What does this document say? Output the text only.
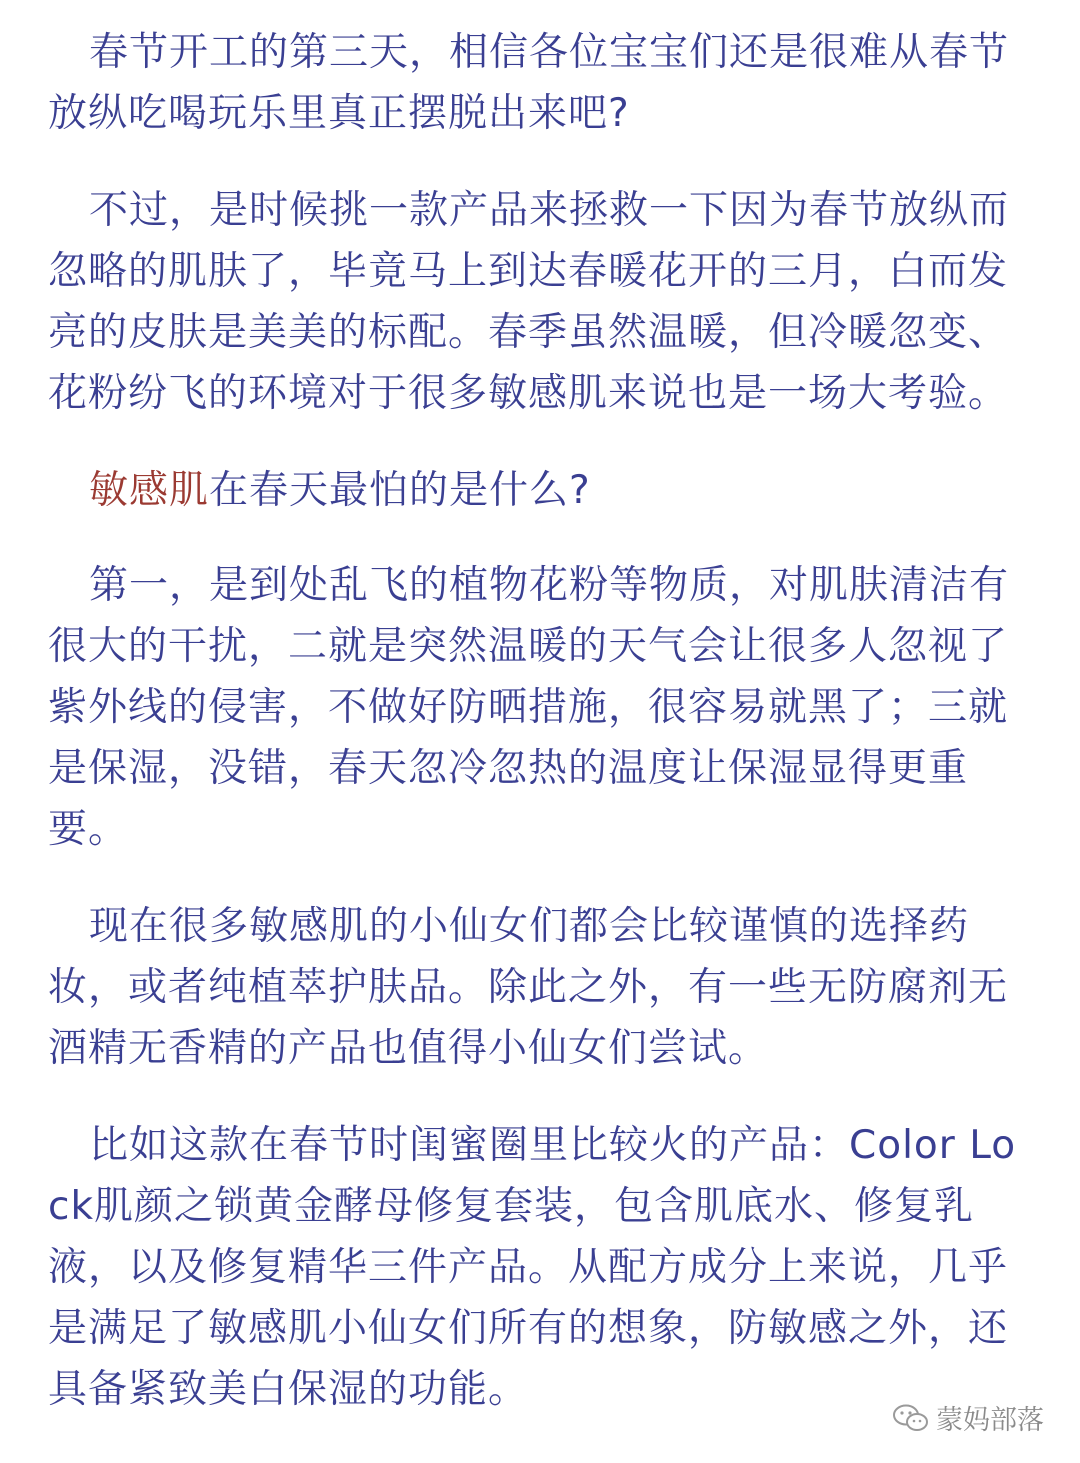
春节开工的第三天，相信各位宝宝们还是很难从春节放纵吃喝玩乐里真正摆脱出来吧?

不过，是时候挑一款产品来拯救一下因为春节放纵而忽略的肌肤了，毕竟马上到达春暖花开的三月，白而发亮的皮肤是美美的标配。春季虽然温暖，但冷暖忽变、花粉纷飞的环境对于很多敏感肌来说也是一场大考验。

敏感肌在春天最怕的是什么?

第一，是到处乱飞的植物花粉等物质，对肌肤清洁有很大的干扰，二就是突然温暖的天气会让很多人忽视了紫外线的侵害，不做好防晒措施，很容易就黑了；三就是保湿，没错，春天忽冷忽热的温度让保湿显得更重要。

现在很多敏感肌的小仙女们都会比较谨慎的选择药妆，或者纯植萃护肤品。除此之外，有一些无防腐剂无酒精无香精的产品也值得小仙女们尝试。

比如这款在春节时闺蜜圈里比较火的产品：Color Lock肌颜之锁黄金酵母修复套装，包含肌底水、修复乳液，以及修复精华三件产品。从配方成分上来说，几乎是满足了敏感肌小仙女们所有的想象，防敏感之外，还具备紧致美白保湿的功能。

蒙妈部落
